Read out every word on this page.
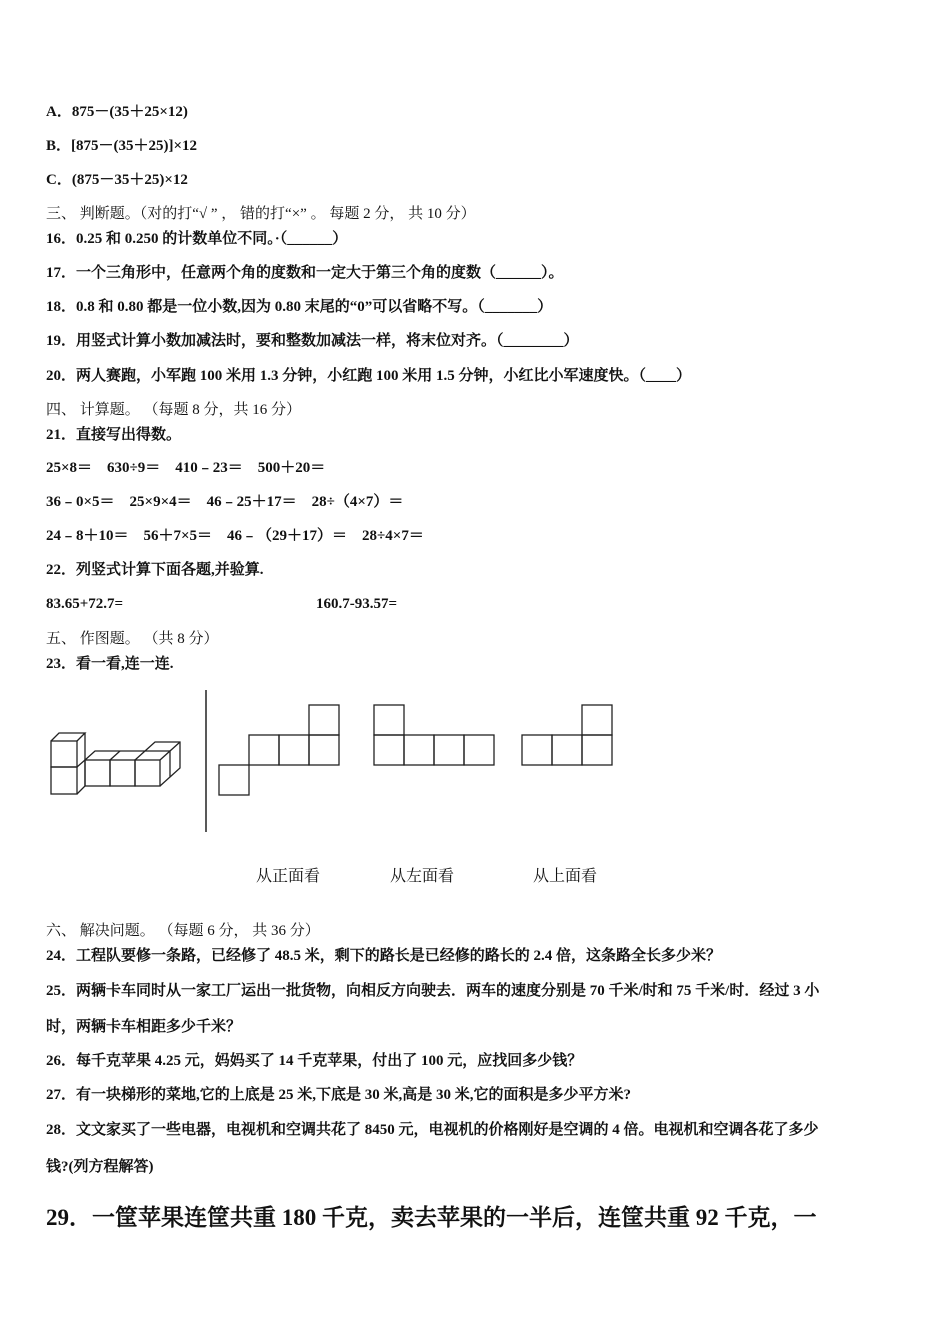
A．875－(35＋25×12)
B．[875－(35＋25)]×12
C．(875－35＋25)×12
三、 判断题。（对的打“√ ” ， 错的打“×” 。 每题 2 分， 共 10 分）
16．0.25 和 0.250 的计数单位不同。·（______）
17．一个三角形中，任意两个角的度数和一定大于第三个角的度数（______）。
18．0.8 和 0.80 都是一位小数,因为 0.80 末尾的“0”可以省略不写。（_______）
19．用竖式计算小数加减法时，要和整数加减法一样，将末位对齐。（________）
20．两人赛跑，小军跑 100 米用 1.3 分钟，小红跑 100 米用 1.5 分钟，小红比小军速度快。（____）
四、 计算题。 （每题 8 分，共 16 分）
21．直接写出得数。
25×8＝　630÷9＝　410﹣23＝　500＋20＝
36﹣0×5＝　25×9×4＝　46﹣25＋17＝　28÷（4×7）＝
24﹣8＋10＝　56＋7×5＝　46﹣（29＋17）＝　28÷4×7＝
22．列竖式计算下面各题,并验算.
83.65+72.7=	160.7-93.57=
五、 作图题。 （共 8 分）
23．看一看,连一连.
从正面看	从左面看	从上面看
六、 解决问题。 （每题 6 分， 共 36 分）
24．工程队要修一条路，已经修了 48.5 米，剩下的路长是已经修的路长的 2.4 倍，这条路全长多少米？
25．两辆卡车同时从一家工厂运出一批货物，向相反方向驶去．两车的速度分别是 70 千米/时和 75 千米/时．经过 3 小
时，两辆卡车相距多少千米？
26．每千克苹果 4.25 元，妈妈买了 14 千克苹果，付出了 100 元，应找回多少钱？
27．有一块梯形的菜地,它的上底是 25 米,下底是 30 米,高是 30 米,它的面积是多少平方米?
28．文文家买了一些电器，电视机和空调共花了 8450 元，电视机的价格刚好是空调的 4 倍。电视机和空调各花了多少
钱?(列方程解答)
29．一筐苹果连筐共重 180 千克，卖去苹果的一半后，连筐共重 92 千克，一
